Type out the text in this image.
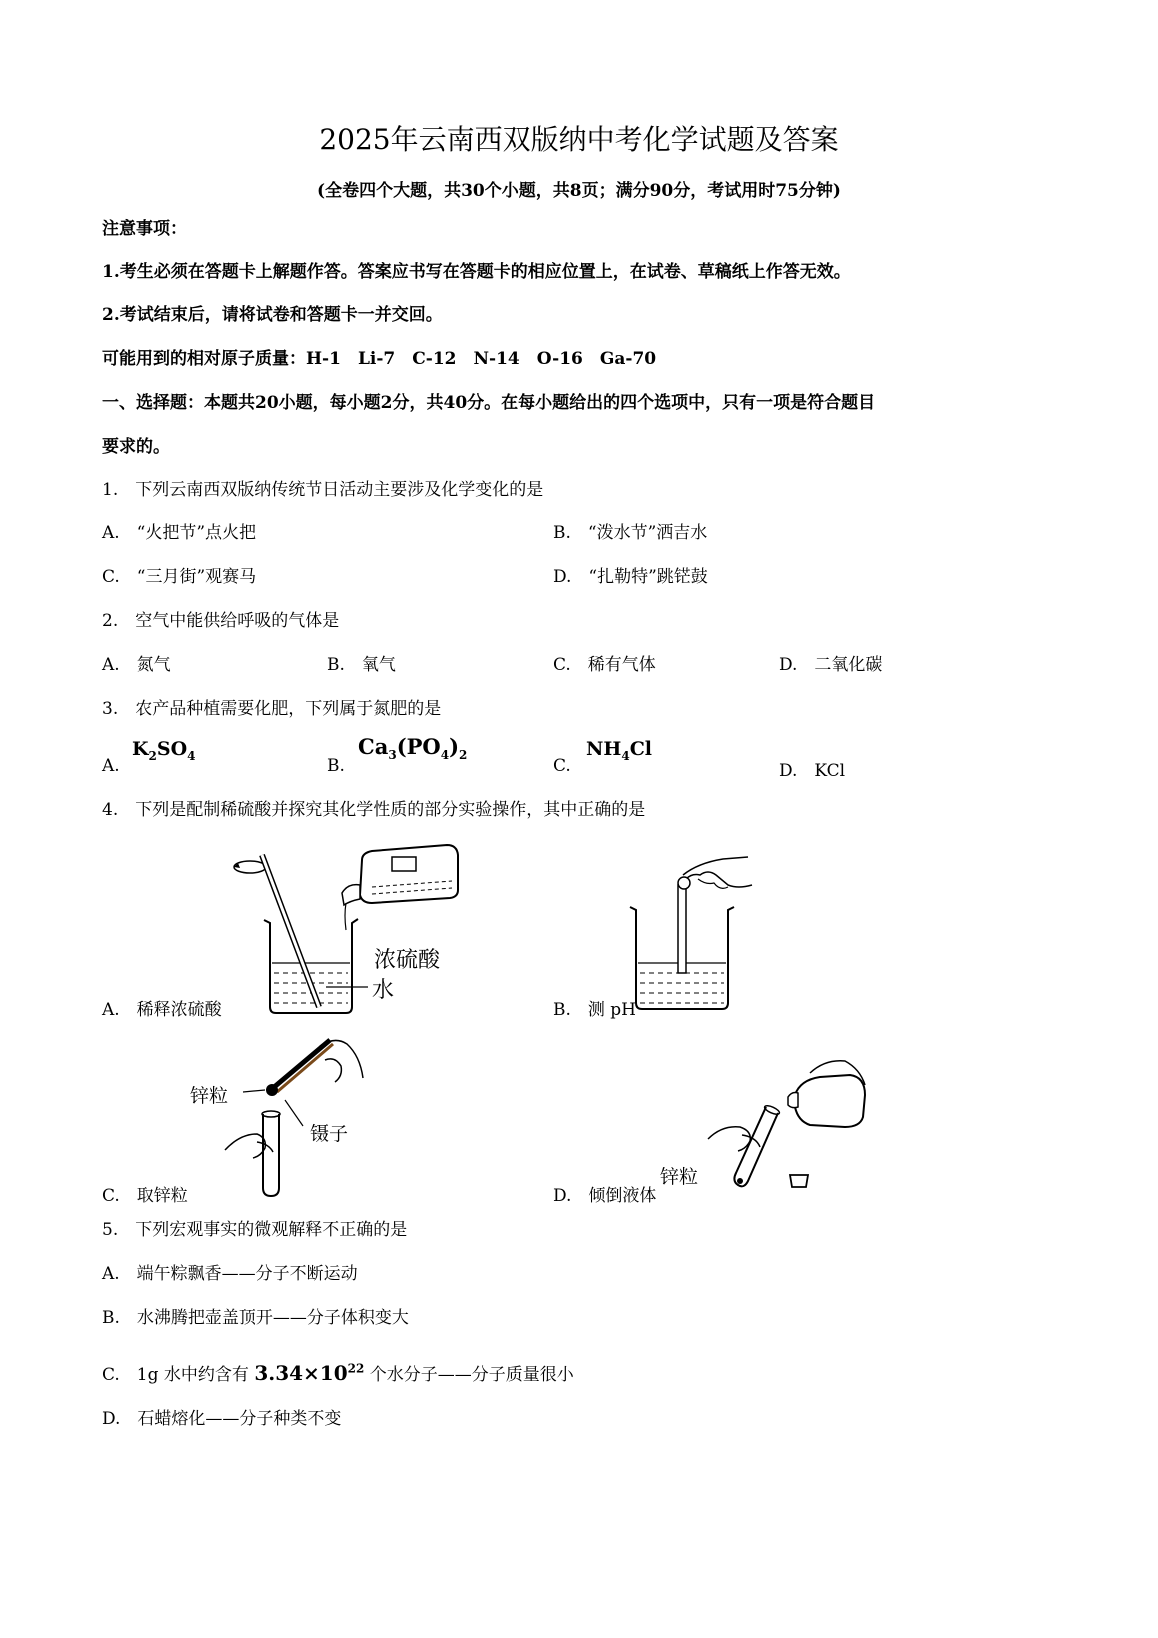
2025年云南西双版纳中考化学试题及答案
(全卷四个大题，共30个小题，共8页；满分90分，考试用时75分钟)
注意事项：
1.考生必须在答题卡上解题作答。答案应书写在答题卡的相应位置上，在试卷、草稿纸上作答无效。
2.考试结束后，请将试卷和答题卡一并交回。
可能用到的相对原子质量：H-1　Li-7　C-12　N-14　O-16　Ga-70
一、选择题：本题共20小题，每小题2分，共40分。在每小题给出的四个选项中，只有一项是符合题目
要求的。
1.　下列云南西双版纳传统节日活动主要涉及化学变化的是
A.　“火把节”点火把	B.　“泼水节”洒吉水
C.　“三月街”观赛马	D.　“扎勒特”跳铓鼓
2.　空气中能供给呼吸的气体是
A.　氮气	B.　氧气	C.　稀有气体	D.　二氧化碳
3.　农产品种植需要化肥，下列属于氮肥的是
A.
$K_2SO_4$
B.
$Ca_3(PO_4)_2$
C.
$NH_4Cl$
D.　KCl
4.　下列是配制稀硫酸并探究其化学性质的部分实验操作，其中正确的是
浓硫酸
水
A.　稀释浓硫酸	B.　测 pH
锌粒
镊子
C.　取锌粒
锌粒
D.　倾倒液体
5.　下列宏观事实的微观解释不正确的是
A.　端午粽飘香——分子不断运动
B.　水沸腾把壶盖顶开——分子体积变大
C.　1g 水中约含有 $3.34\times 10^{22}$ 个水分子——分子质量很小
D.　石蜡熔化——分子种类不变
